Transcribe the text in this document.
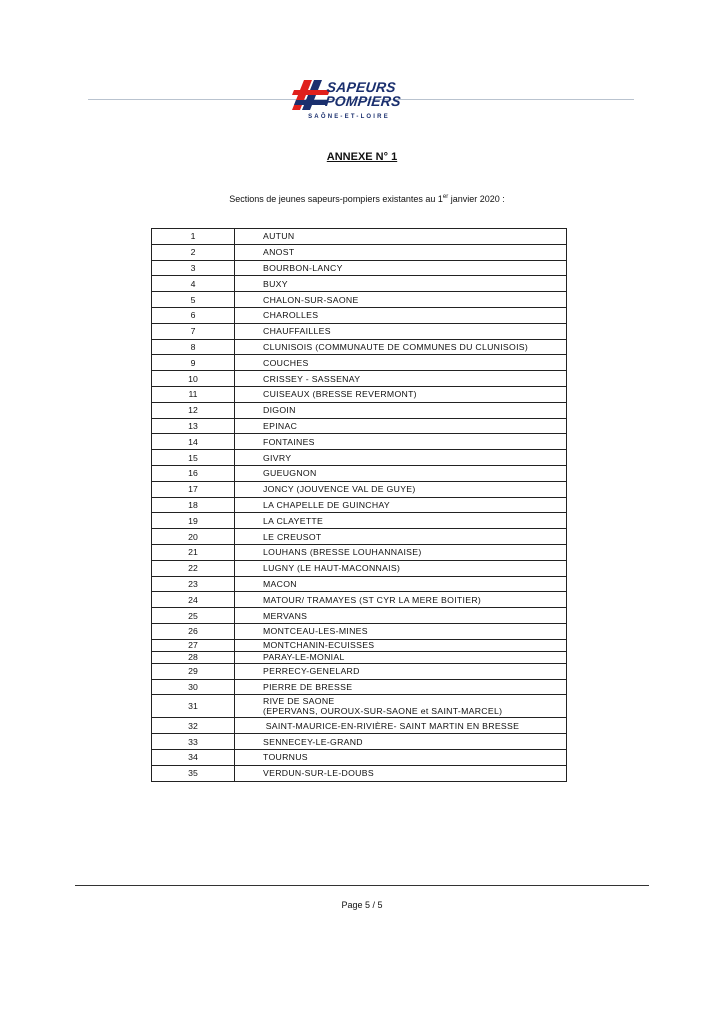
SAPEURS
POMPIERS
SAÔNE-ET-LOIRE
ANNEXE N° 1
Sections de jeunes sapeurs-pompiers existantes au 1er janvier 2020 :
1	AUTUN
2	ANOST
3	BOURBON-LANCY
4	BUXY
5	CHALON-SUR-SAONE
6	CHAROLLES
7	CHAUFFAILLES
8	CLUNISOIS (COMMUNAUTE DE COMMUNES DU CLUNISOIS)
9	COUCHES
10	CRISSEY - SASSENAY
11	CUISEAUX (BRESSE REVERMONT)
12	DIGOIN
13	EPINAC
14	FONTAINES
15	GIVRY
16	GUEUGNON
17	JONCY (JOUVENCE VAL DE GUYE)
18	LA CHAPELLE DE GUINCHAY
19	LA CLAYETTE
20	LE CREUSOT
21	LOUHANS (BRESSE LOUHANNAISE)
22	LUGNY (LE HAUT-MACONNAIS)
23	MACON
24	MATOUR/ TRAMAYES (ST CYR LA MERE BOITIER)
25	MERVANS
26	MONTCEAU-LES-MINES
27	MONTCHANIN-ECUISSES
28	PARAY-LE-MONIAL
29	PERRECY-GENELARD
30	PIERRE DE BRESSE
31	RIVE DE SAONE
(EPERVANS, OUROUX-SUR-SAONE et SAINT-MARCEL)

32	SAINT-MAURICE-EN-RIVIÈRE- SAINT MARTIN EN BRESSE
33	SENNECEY-LE-GRAND
34	TOURNUS
35	VERDUN-SUR-LE-DOUBS
Page 5 / 5
